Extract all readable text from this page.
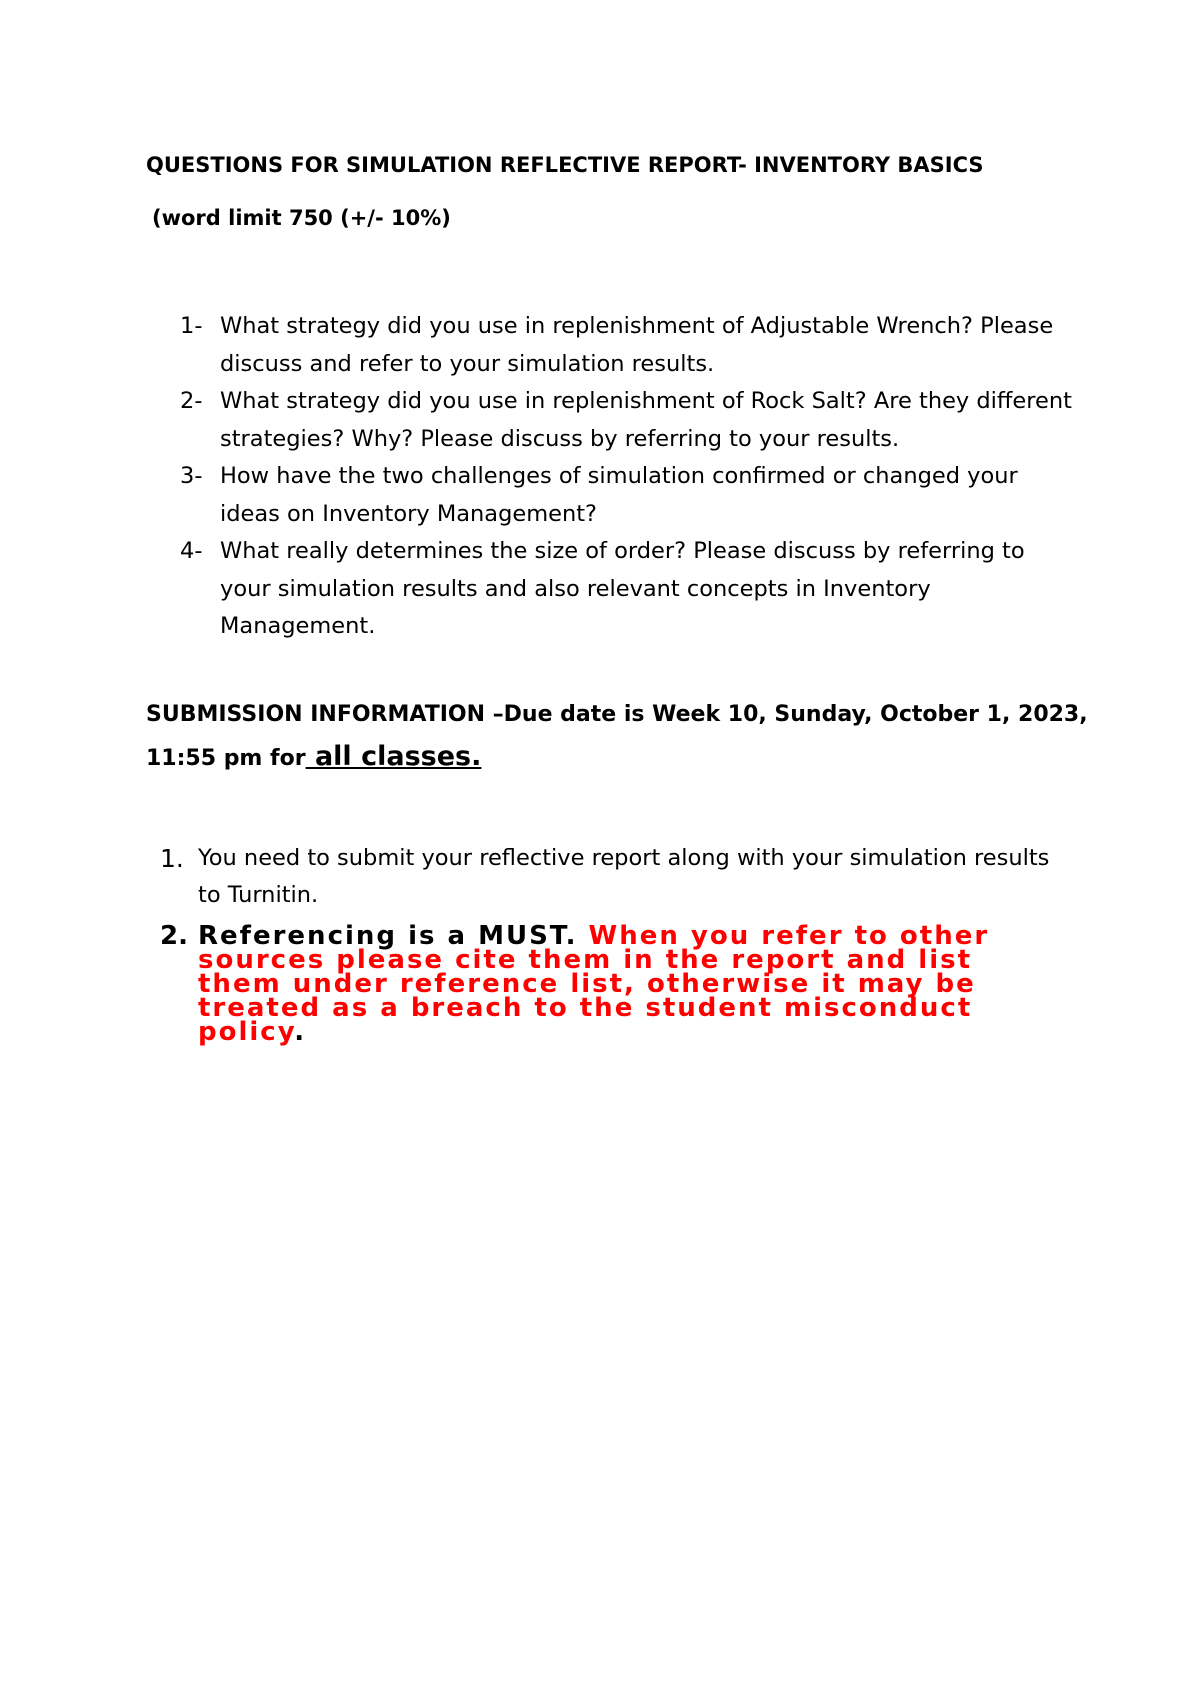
QUESTIONS FOR SIMULATION REFLECTIVE REPORT- INVENTORY BASICS
(word limit 750 (+/- 10%)
1- What strategy did you use in replenishment of Adjustable Wrench? Please discuss and refer to your simulation results.
2- What strategy did you use in replenishment of Rock Salt? Are they different strategies? Why? Please discuss by referring to your results.
3- How have the two challenges of simulation confirmed or changed your ideas on Inventory Management?
4- What really determines the size of order? Please discuss by referring to your simulation results and also relevant concepts in Inventory Management.
SUBMISSION INFORMATION –Due date is Week 10, Sunday, October 1, 2023, 11:55 pm for all classes.
1. You need to submit your reflective report along with your simulation results to Turnitin.
2. Referencing is a MUST. When you refer to other sources please cite them in the report and list them under reference list, otherwise it may be treated as a breach to the student misconduct policy.
